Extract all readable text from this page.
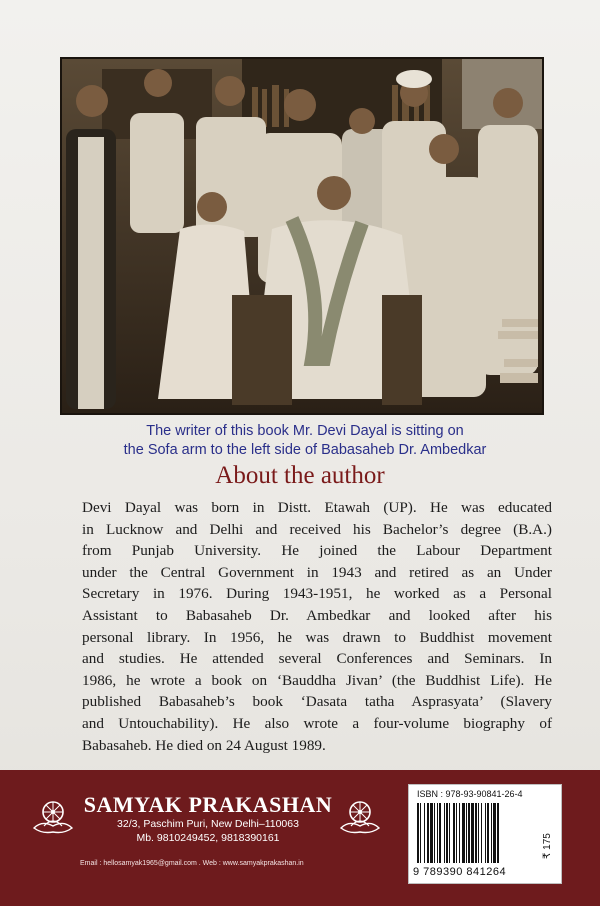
The writer of this book Mr. Devi Dayal is sitting on
the Sofa arm to the left side of Babasaheb Dr. Ambedkar
About the author
Devi Dayal was born in Distt. Etawah (UP). He was educated
in Lucknow and Delhi and received his Bachelor’s degree (B.A.)
from Punjab University. He joined the Labour Department
under the Central Government in 1943 and retired as an Under
Secretary in 1976. During 1943-1951, he worked as a Personal
Assistant to Babasaheb Dr. Ambedkar and looked after his
personal library. In 1956, he was drawn to Buddhist movement
and studies. He attended several Conferences and Seminars. In
1986, he wrote a book on ‘Bauddha Jivan’ (the Buddhist Life). He
published Babasaheb’s book ‘Dasata tatha Asprasyata’ (Slavery
and Untouchability). He also wrote a four-volume biography of
Babasaheb. He died on 24 August 1989.
SAMYAK PRAKASHAN
32/3, Paschim Puri, New Delhi–110063
Mb. 9810249452, 9818390161
Email : hellosamyak1965@gmail.com . Web : www.samyakprakashan.in
ISBN : 978-93-90841-26-4
9 789390 841264
₹ 175
